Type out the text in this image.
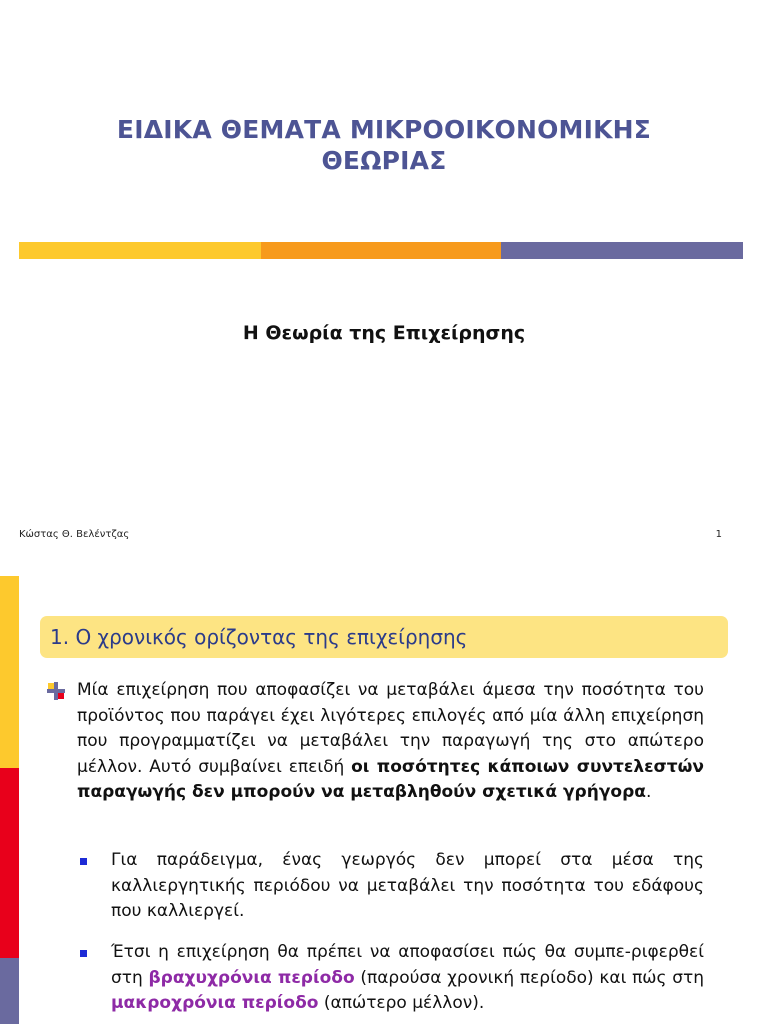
ΕΙΔΙΚΑ ΘΕΜΑΤΑ ΜΙΚΡΟΟΙΚΟΝΟΜΙΚΗΣ
ΘΕΩΡΙΑΣ
Η Θεωρία της Επιχείρησης
Κώστας Θ. Βελέντζας	1
1. Ο χρονικός ορίζοντας της επιχείρησης
Μία επιχείρηση που αποφασίζει να μεταβάλει άμεσα την ποσότητα του προϊόντος που παράγει έχει λιγότερες επιλογές από μία άλλη επιχείρηση που προγραμματίζει να μεταβάλει την παραγωγή της στο απώτερο μέλλον. Αυτό συμβαίνει επειδή οι ποσότητες κάποιων συντελεστών παραγωγής δεν μπορούν να μεταβληθούν σχετικά γρήγορα.
Για παράδειγμα, ένας γεωργός δεν μπορεί στα μέσα της καλλιεργητικής περιόδου να μεταβάλει την ποσότητα του εδάφους που καλλιεργεί.
Έτσι η επιχείρηση θα πρέπει να αποφασίσει πώς θα συμπε-ριφερθεί στη βραχυχρόνια περίοδο (παρούσα χρονική περίοδο) και πώς στη μακροχρόνια περίοδο (απώτερο μέλλον).
